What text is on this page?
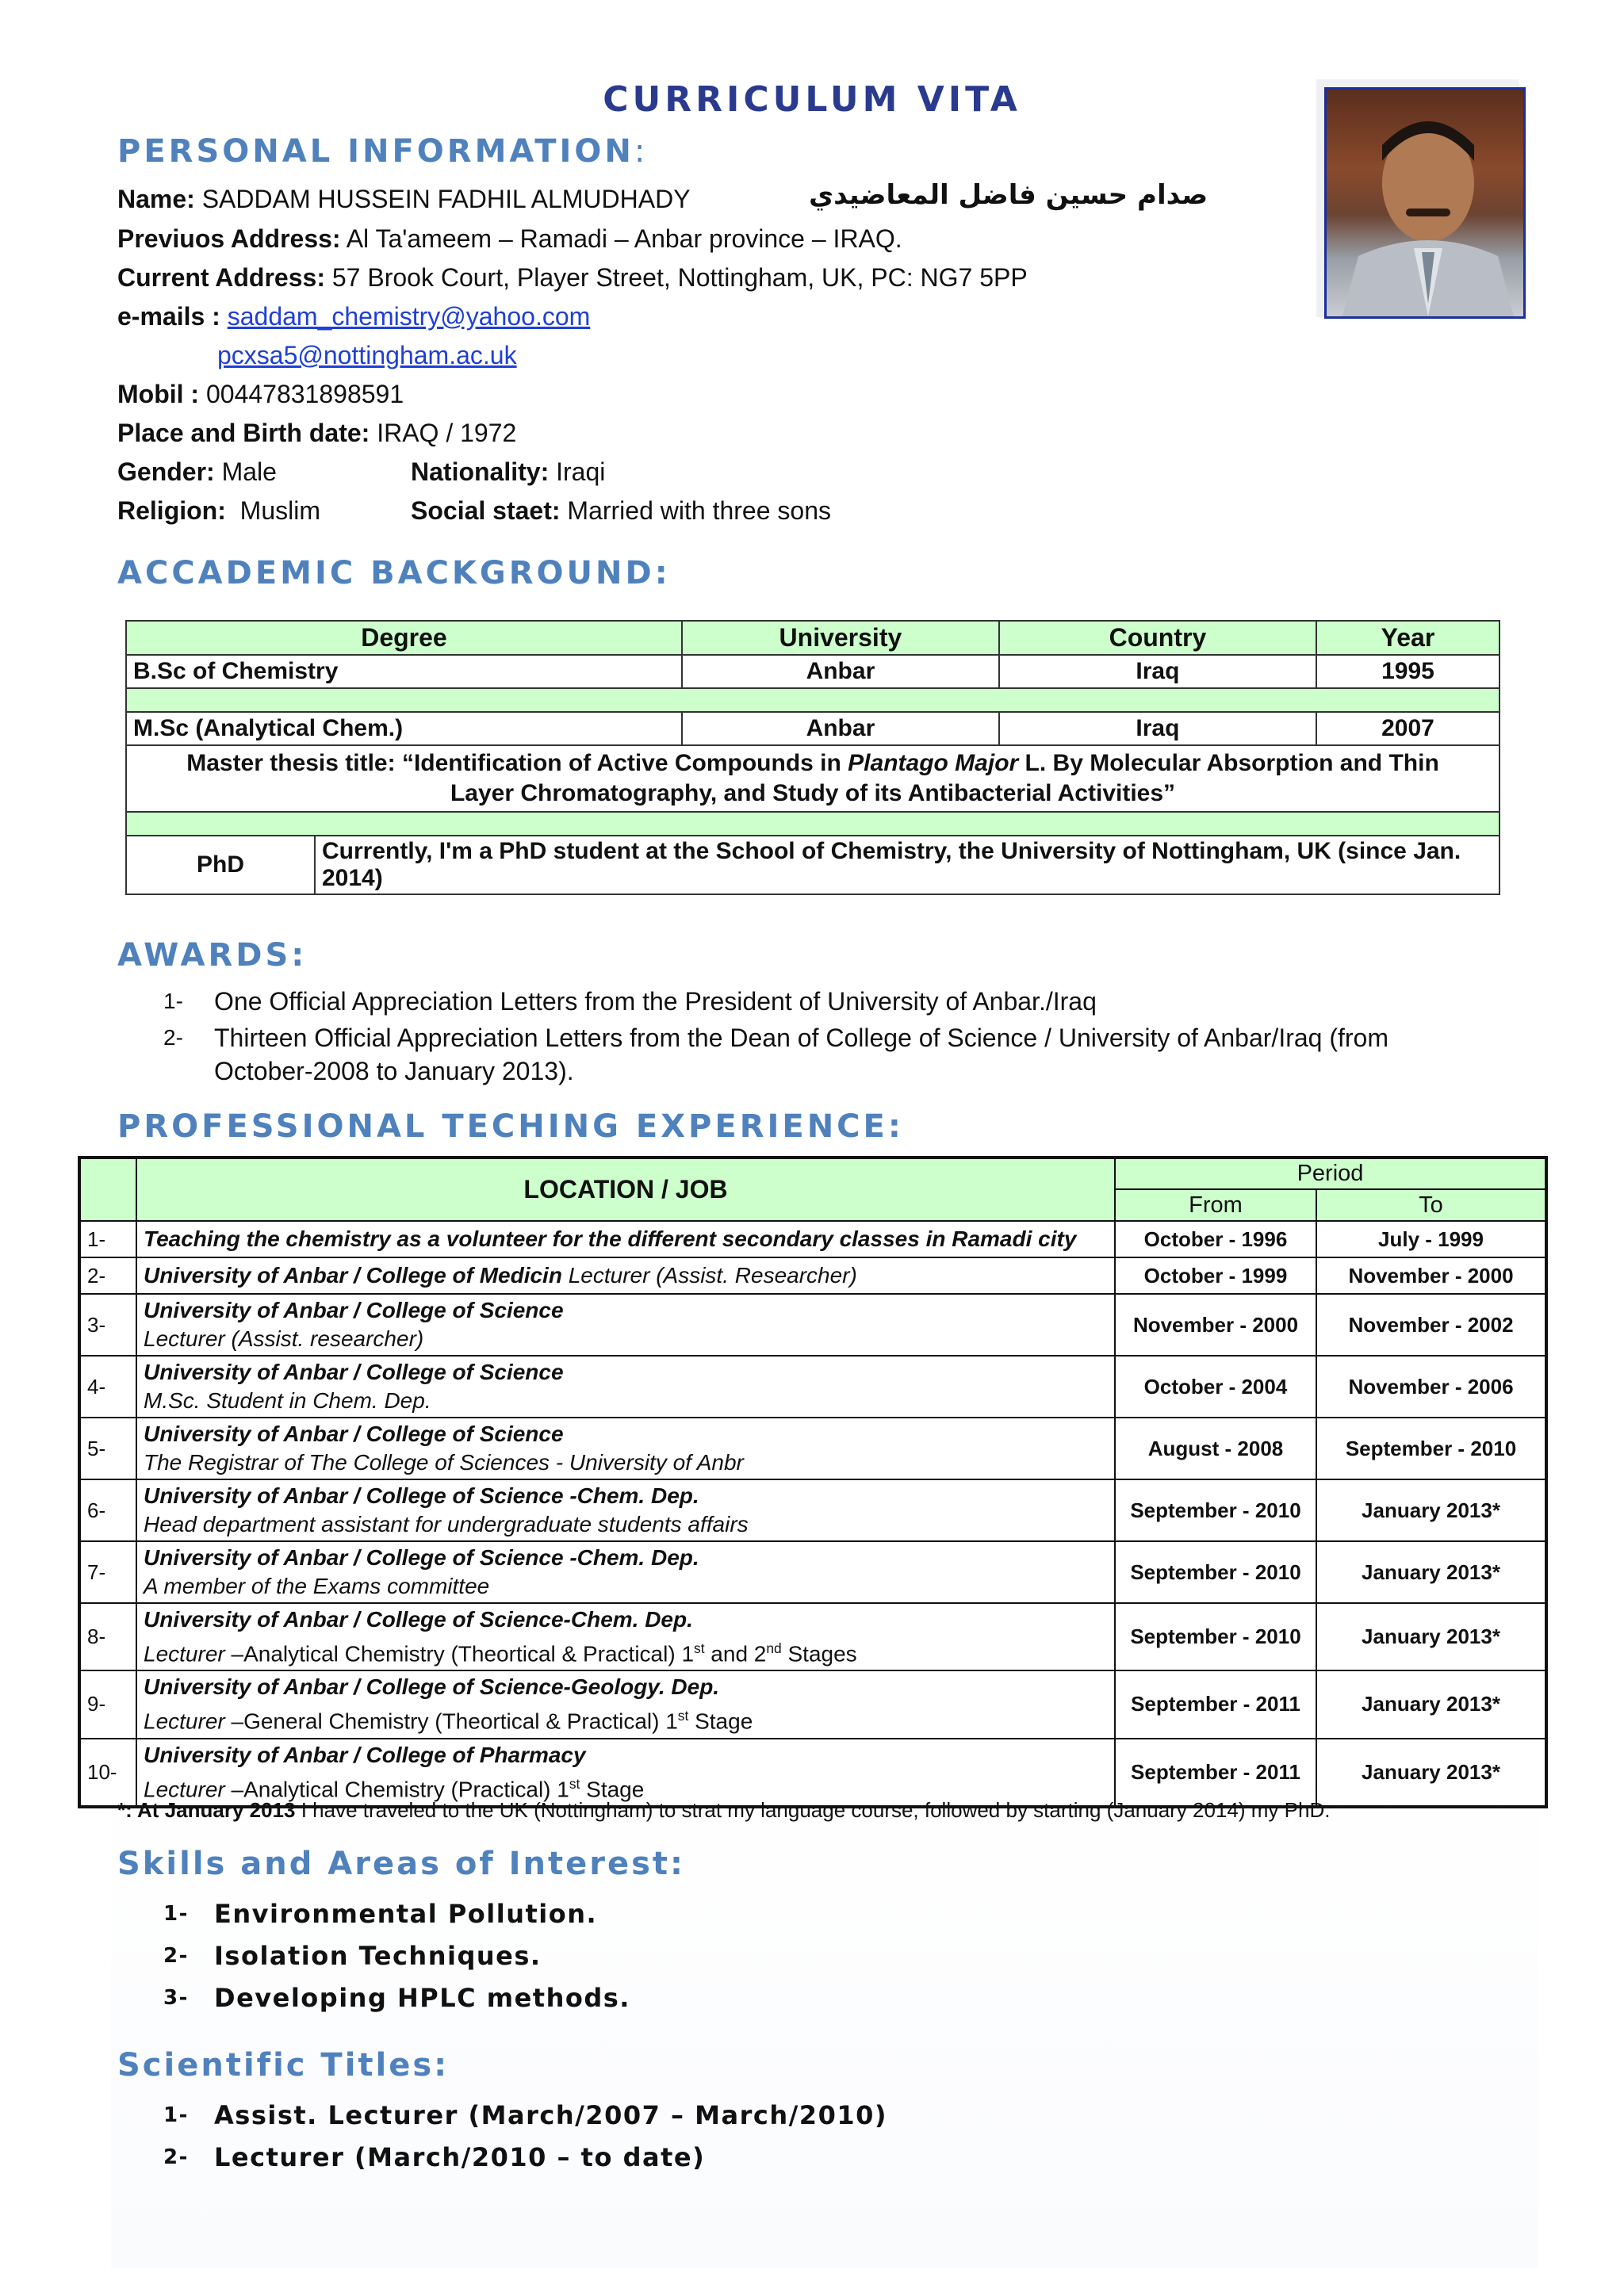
CURRICULUM VITA
PERSONAL INFORMATION:
Name: SADDAM HUSSEIN FADHIL ALMUDHADY	صدام حسين فاضل المعاضيدي
Previuos Address: Al Ta'ameem – Ramadi – Anbar province – IRAQ.
Current Address: 57 Brook Court, Player Street, Nottingham, UK, PC: NG7 5PP
e-mails : saddam_chemistry@yahoo.com
pcxsa5@nottingham.ac.uk
Mobil : 00447831898591
Place and Birth date: IRAQ / 1972
Gender: Male	Nationality: Iraqi
Religion: Muslim	Social staet: Married with three sons
ACCADEMIC BACKGROUND:
Degree		University	Country	Year
B.Sc of Chemistry		Anbar	Iraq	1995

M.Sc (Analytical Chem.)		Anbar	Iraq	2007
Master thesis title: “Identification of Active Compounds in Plantago Major L. By Molecular Absorption and Thin Layer Chromatography, and Study of its Antibacterial Activities”				

PhD	Currently, I'm a PhD student at the School of Chemistry, the University of Nottingham, UK (since Jan. 2014)			
AWARDS:
1- One Official Appreciation Letters from the President of University of Anbar./Iraq
2- Thirteen Official Appreciation Letters from the Dean of College of Science / University of Anbar/Iraq (from October-2008 to January 2013).
PROFESSIONAL TECHING EXPERIENCE:
	LOCATION / JOB	Period	
		From	To
1-	Teaching the chemistry as a volunteer for the different secondary classes in Ramadi city	October - 1996	July - 1999
2-	University of Anbar / College of Medicin Lecturer (Assist. Researcher)	October - 1999	November - 2000
3-	University of Anbar / College of Science
Lecturer (Assist. researcher)	November - 2000	November - 2002
4-	University of Anbar / College of Science
M.Sc. Student in Chem. Dep.	October - 2004	November - 2006
5-	University of Anbar / College of Science
The Registrar of The College of Sciences - University of Anbr	August - 2008	September - 2010
6-	University of Anbar / College of Science -Chem. Dep.
Head department assistant for undergraduate students affairs	September - 2010	January 2013*
7-	University of Anbar / College of Science -Chem. Dep.
A member of the Exams committee	September - 2010	January 2013*
8-	University of Anbar / College of Science-Chem. Dep.
Lecturer –Analytical Chemistry (Theortical & Practical) 1st and 2nd Stages	September - 2010	January 2013*
9-	University of Anbar / College of Science-Geology. Dep.
Lecturer –General Chemistry (Theortical & Practical) 1st Stage	September - 2011	January 2013*
10-	University of Anbar / College of Pharmacy
Lecturer –Analytical Chemistry (Practical) 1st Stage	September - 2011	January 2013*
*: At January 2013 I have traveled to the UK (Nottingham) to strat my language course, followed by starting (January 2014) my PhD.
Skills and Areas of Interest:
1- Environmental Pollution.
2- Isolation Techniques.
3- Developing HPLC methods.
Scientific Titles:
1- Assist. Lecturer (March/2007 – March/2010)
2- Lecturer (March/2010 – to date)
